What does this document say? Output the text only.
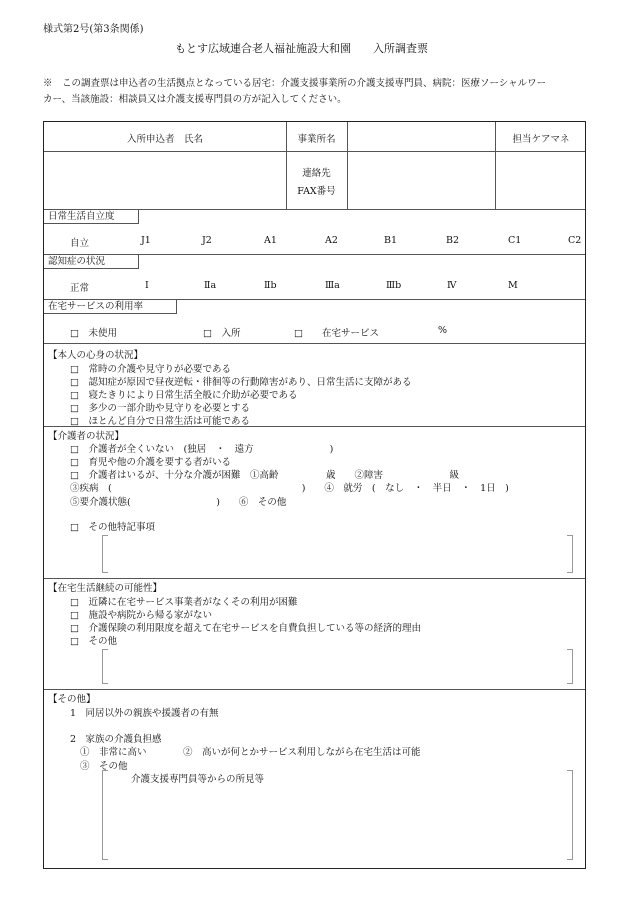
様式第2号(第3条関係)
もとす広域連合老人福祉施設大和園　　入所調査票
※　この調査票は申込者の生活拠点となっている居宅：介護支援事業所の介護支援専門員、病院：医療ソーシャルワー
カー、当該施設：相談員又は介護支援専門員の方が記入してください。
入所申込者　氏名	事業所名	担当ケアマネ
連絡先
FAX番号
日常生活自立度
自立	J1	J2	A1	A2	B1	B2	C1	C2
認知症の状況
正常	Ⅰ	Ⅱa	Ⅱb	Ⅲa	Ⅲb	Ⅳ	M
在宅サービスの利用率
□　未使用	□　入所	□　　在宅サービス	%
【本人の心身の状況】
□　常時の介護や見守りが必要である
□　認知症が原因で昼夜逆転・徘徊等の行動障害があり、日常生活に支障がある
□　寝たきりにより日常生活全般に介助が必要である
□　多少の一部介助や見守りを必要とする
□　ほとんど自分で日常生活は可能である
【介護者の状況】
□　介護者が全くいない　(独居　・　遠方　　　　　　　　)
□　育児や他の介護を要する者がいる
□　介護者はいるが、十分な介護が困難　①高齢　　　　　歳　　②障害　　　　　　　級
③疾病　(　　　　　　　　　　　　　　　　　　　　)　　④　就労　(　なし　・　半日　・　1日　)
⑤要介護状態(　　　　　　　　　)　　⑥　その他
□　その他特記事項
【在宅生活継続の可能性】
□　近隣に在宅サービス事業者がなくその利用が困難
□　施設や病院から帰る家がない
□　介護保険の利用限度を超えて在宅サービスを自費負担している等の経済的理由
□　その他
【その他】
1　同居以外の親族や援護者の有無
2　家族の介護負担感
①　非常に高い	②　高いが何とかサービス利用しながら在宅生活は可能
③　その他
介護支援専門員等からの所見等
